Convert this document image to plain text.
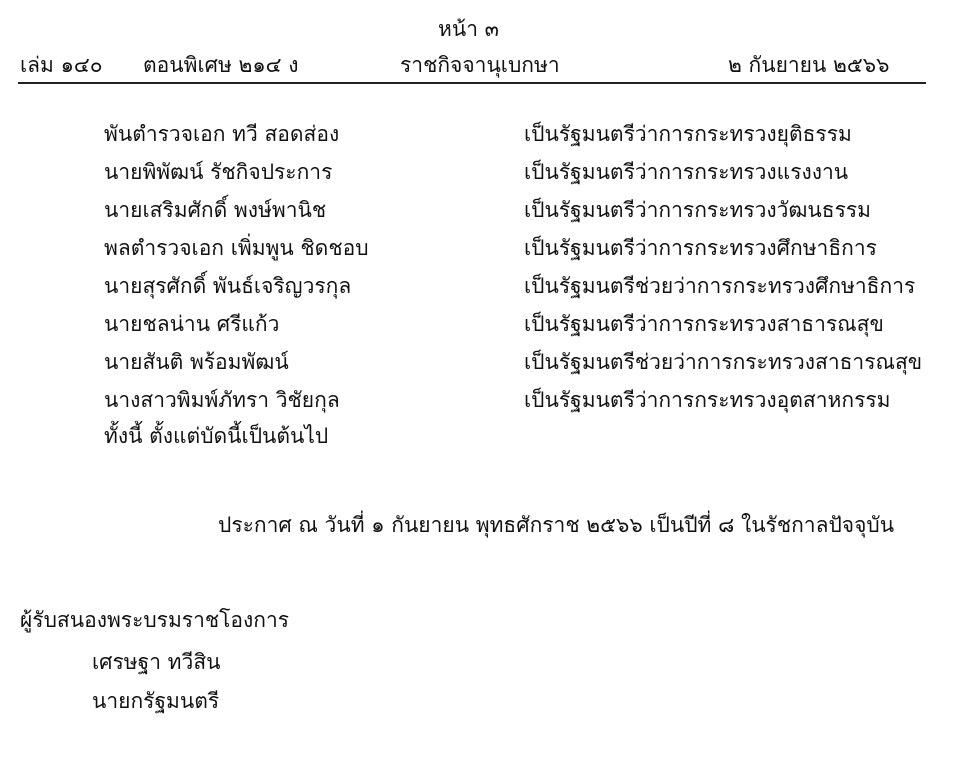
หน้า ๓
เล่ม ๑๔๐ ตอนพิเศษ ๒๑๔ ง	ราชกิจจานุเบกษา	๒ กันยายน ๒๕๖๖
พันตำรวจเอก ทวี สอดส่อง	เป็นรัฐมนตรีว่าการกระทรวงยุติธรรม
นายพิพัฒน์ รัชกิจประการ	เป็นรัฐมนตรีว่าการกระทรวงแรงงาน
นายเสริมศักดิ์ พงษ์พานิช	เป็นรัฐมนตรีว่าการกระทรวงวัฒนธรรม
พลตำรวจเอก เพิ่มพูน ชิดชอบ	เป็นรัฐมนตรีว่าการกระทรวงศึกษาธิการ
นายสุรศักดิ์ พันธ์เจริญวรกุล	เป็นรัฐมนตรีช่วยว่าการกระทรวงศึกษาธิการ
นายชลน่าน ศรีแก้ว	เป็นรัฐมนตรีว่าการกระทรวงสาธารณสุข
นายสันติ พร้อมพัฒน์	เป็นรัฐมนตรีช่วยว่าการกระทรวงสาธารณสุข
นางสาวพิมพ์ภัทรา วิชัยกุล	เป็นรัฐมนตรีว่าการกระทรวงอุตสาหกรรม
ทั้งนี้ ตั้งแต่บัดนี้เป็นต้นไป
ประกาศ ณ วันที่ ๑ กันยายน พุทธศักราช ๒๕๖๖ เป็นปีที่ ๘ ในรัชกาลปัจจุบัน
ผู้รับสนองพระบรมราชโองการ
เศรษฐา ทวีสิน
นายกรัฐมนตรี
